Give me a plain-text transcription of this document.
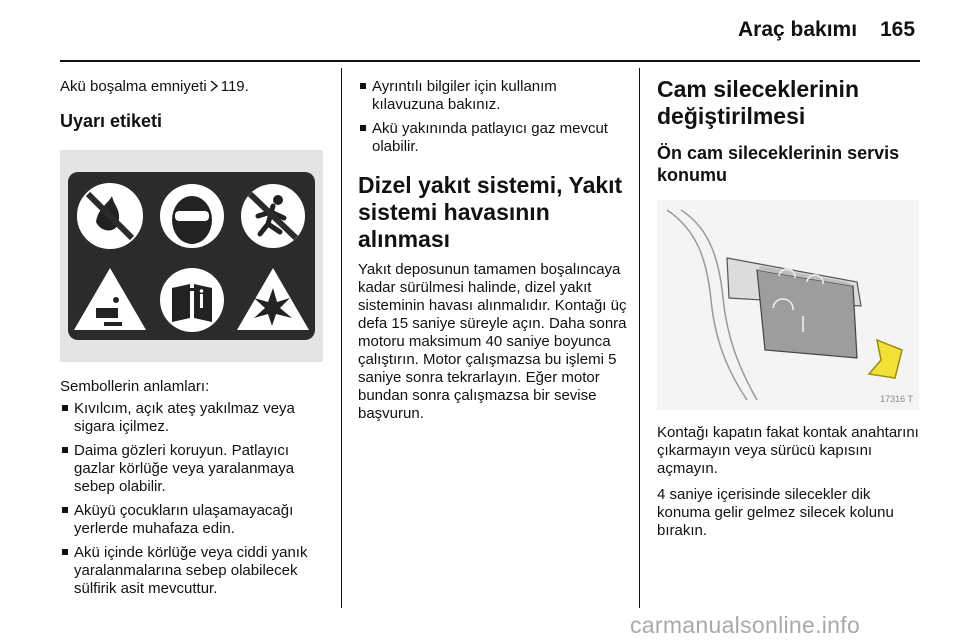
Araç bakımı 165

Akü boşalma emniyeti 119.

Uyarı etiketi

Sembollerin anlamları:

Kıvılcım, açık ateş yakılmaz veya sigara içilmez.
Daima gözleri koruyun. Patlayıcı gazlar körlüğe veya yaralanmaya sebep olabilir.
Aküyü çocukların ulaşamayacağı yerlerde muhafaza edin.
Akü içinde körlüğe veya ciddi yanık yaralanmalarına sebep olabilecek sülfirik asit mevcuttur.
Ayrıntılı bilgiler için kullanım kılavuzuna bakınız.
Akü yakınında patlayıcı gaz mevcut olabilir.
Dizel yakıt sistemi, Yakıt sistemi havasının alınması

Yakıt deposunun tamamen boşalıncaya kadar sürülmesi halinde, dizel yakıt sisteminin havası alınmalıdır. Kontağı üç defa 15 saniye süreyle açın. Daha sonra motoru maksimum 40 saniye boyunca çalıştırın. Motor çalışmazsa bu işlemi 5 saniye sonra tekrarlayın. Eğer motor bundan sonra çalışmazsa bir sevise başvurun.

Cam sileceklerinin değiştirilmesi
Ön cam sileceklerinin servis konumu
17316 T

Kontağı kapatın fakat kontak anahtarını çıkarmayın veya sürücü kapısını açmayın.

4 saniye içerisinde silecekler dik konuma gelir gelmez silecek kolunu bırakın.

carmanualsonline.info
